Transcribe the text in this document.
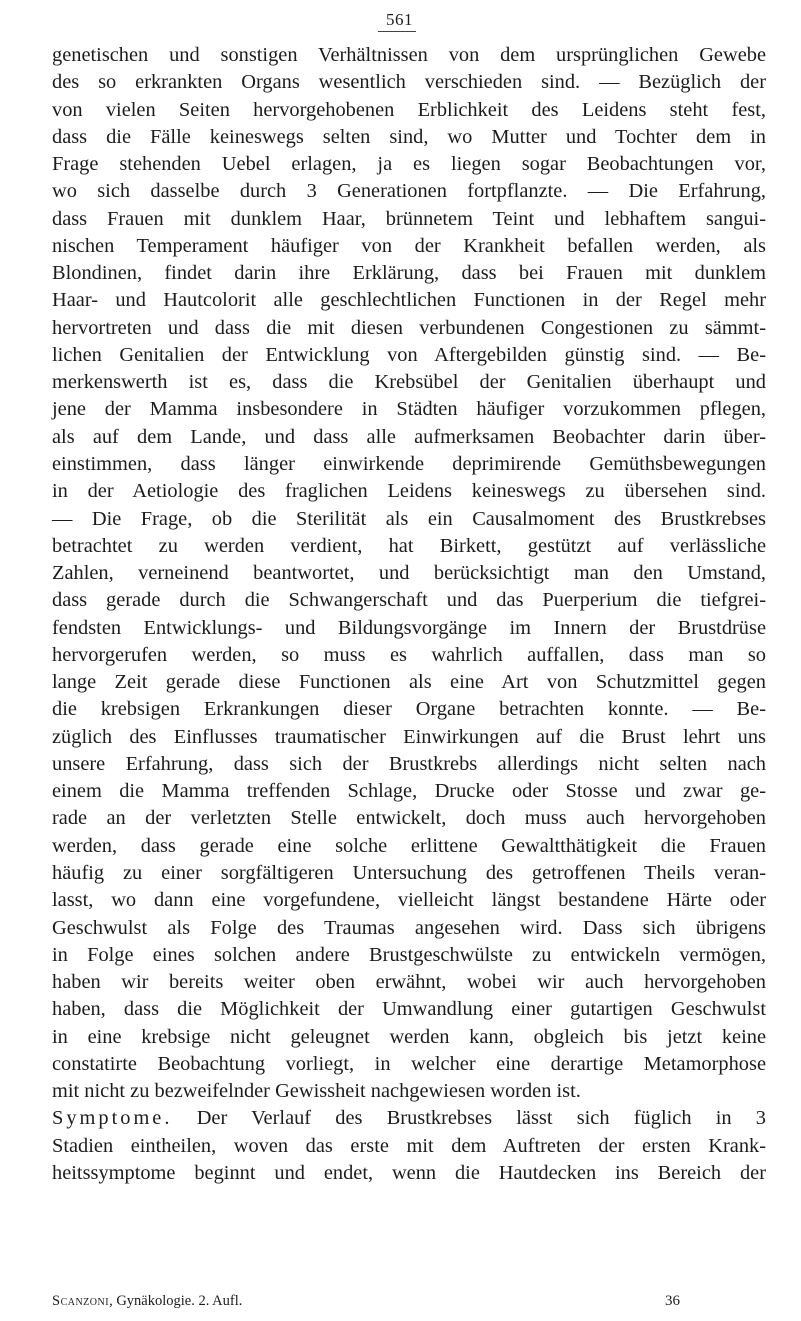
561
genetischen und sonstigen Verhältnissen von dem ursprünglichen Gewebe
des so erkrankten Organs wesentlich verschieden sind. — Bezüglich der
von vielen Seiten hervorgehobenen Erblichkeit des Leidens steht fest,
dass die Fälle keineswegs selten sind, wo Mutter und Tochter dem in
Frage stehenden Uebel erlagen, ja es liegen sogar Beobachtungen vor,
wo sich dasselbe durch 3 Generationen fortpflanzte. — Die Erfahrung,
dass Frauen mit dunklem Haar, brünnetem Teint und lebhaftem sangui-
nischen Temperament häufiger von der Krankheit befallen werden, als
Blondinen, findet darin ihre Erklärung, dass bei Frauen mit dunklem
Haar- und Hautcolorit alle geschlechtlichen Functionen in der Regel mehr
hervortreten und dass die mit diesen verbundenen Congestionen zu sämmt-
lichen Genitalien der Entwicklung von Aftergebilden günstig sind. — Be-
merkenswerth ist es, dass die Krebsübel der Genitalien überhaupt und
jene der Mamma insbesondere in Städten häufiger vorzukommen pflegen,
als auf dem Lande, und dass alle aufmerksamen Beobachter darin über-
einstimmen, dass länger einwirkende deprimirende Gemüthsbewegungen
in der Aetiologie des fraglichen Leidens keineswegs zu übersehen sind.
— Die Frage, ob die Sterilität als ein Causalmoment des Brustkrebses
betrachtet zu werden verdient, hat Birkett, gestützt auf verlässliche
Zahlen, verneinend beantwortet, und berücksichtigt man den Umstand,
dass gerade durch die Schwangerschaft und das Puerperium die tiefgrei-
fendsten Entwicklungs- und Bildungsvorgänge im Innern der Brustdrüse
hervorgerufen werden, so muss es wahrlich auffallen, dass man so
lange Zeit gerade diese Functionen als eine Art von Schutzmittel gegen
die krebsigen Erkrankungen dieser Organe betrachten konnte. — Be-
züglich des Einflusses traumatischer Einwirkungen auf die Brust lehrt uns
unsere Erfahrung, dass sich der Brustkrebs allerdings nicht selten nach
einem die Mamma treffenden Schlage, Drucke oder Stosse und zwar ge-
rade an der verletzten Stelle entwickelt, doch muss auch hervorgehoben
werden, dass gerade eine solche erlittene Gewaltthätigkeit die Frauen
häufig zu einer sorgfältigeren Untersuchung des getroffenen Theils veran-
lasst, wo dann eine vorgefundene, vielleicht längst bestandene Härte oder
Geschwulst als Folge des Traumas angesehen wird. Dass sich übrigens
in Folge eines solchen andere Brustgeschwülste zu entwickeln vermögen,
haben wir bereits weiter oben erwähnt, wobei wir auch hervorgehoben
haben, dass die Möglichkeit der Umwandlung einer gutartigen Geschwulst
in eine krebsige nicht geleugnet werden kann, obgleich bis jetzt keine
constatirte Beobachtung vorliegt, in welcher eine derartige Metamorphose
mit nicht zu bezweifelnder Gewissheit nachgewiesen worden ist.
Symptome. Der Verlauf des Brustkrebses lässt sich füglich in 3
Stadien eintheilen, woven das erste mit dem Auftreten der ersten Krank-
heitssymptome beginnt und endet, wenn die Hautdecken ins Bereich der
Scanzoni, Gynäkologie. 2. Aufl.	36
